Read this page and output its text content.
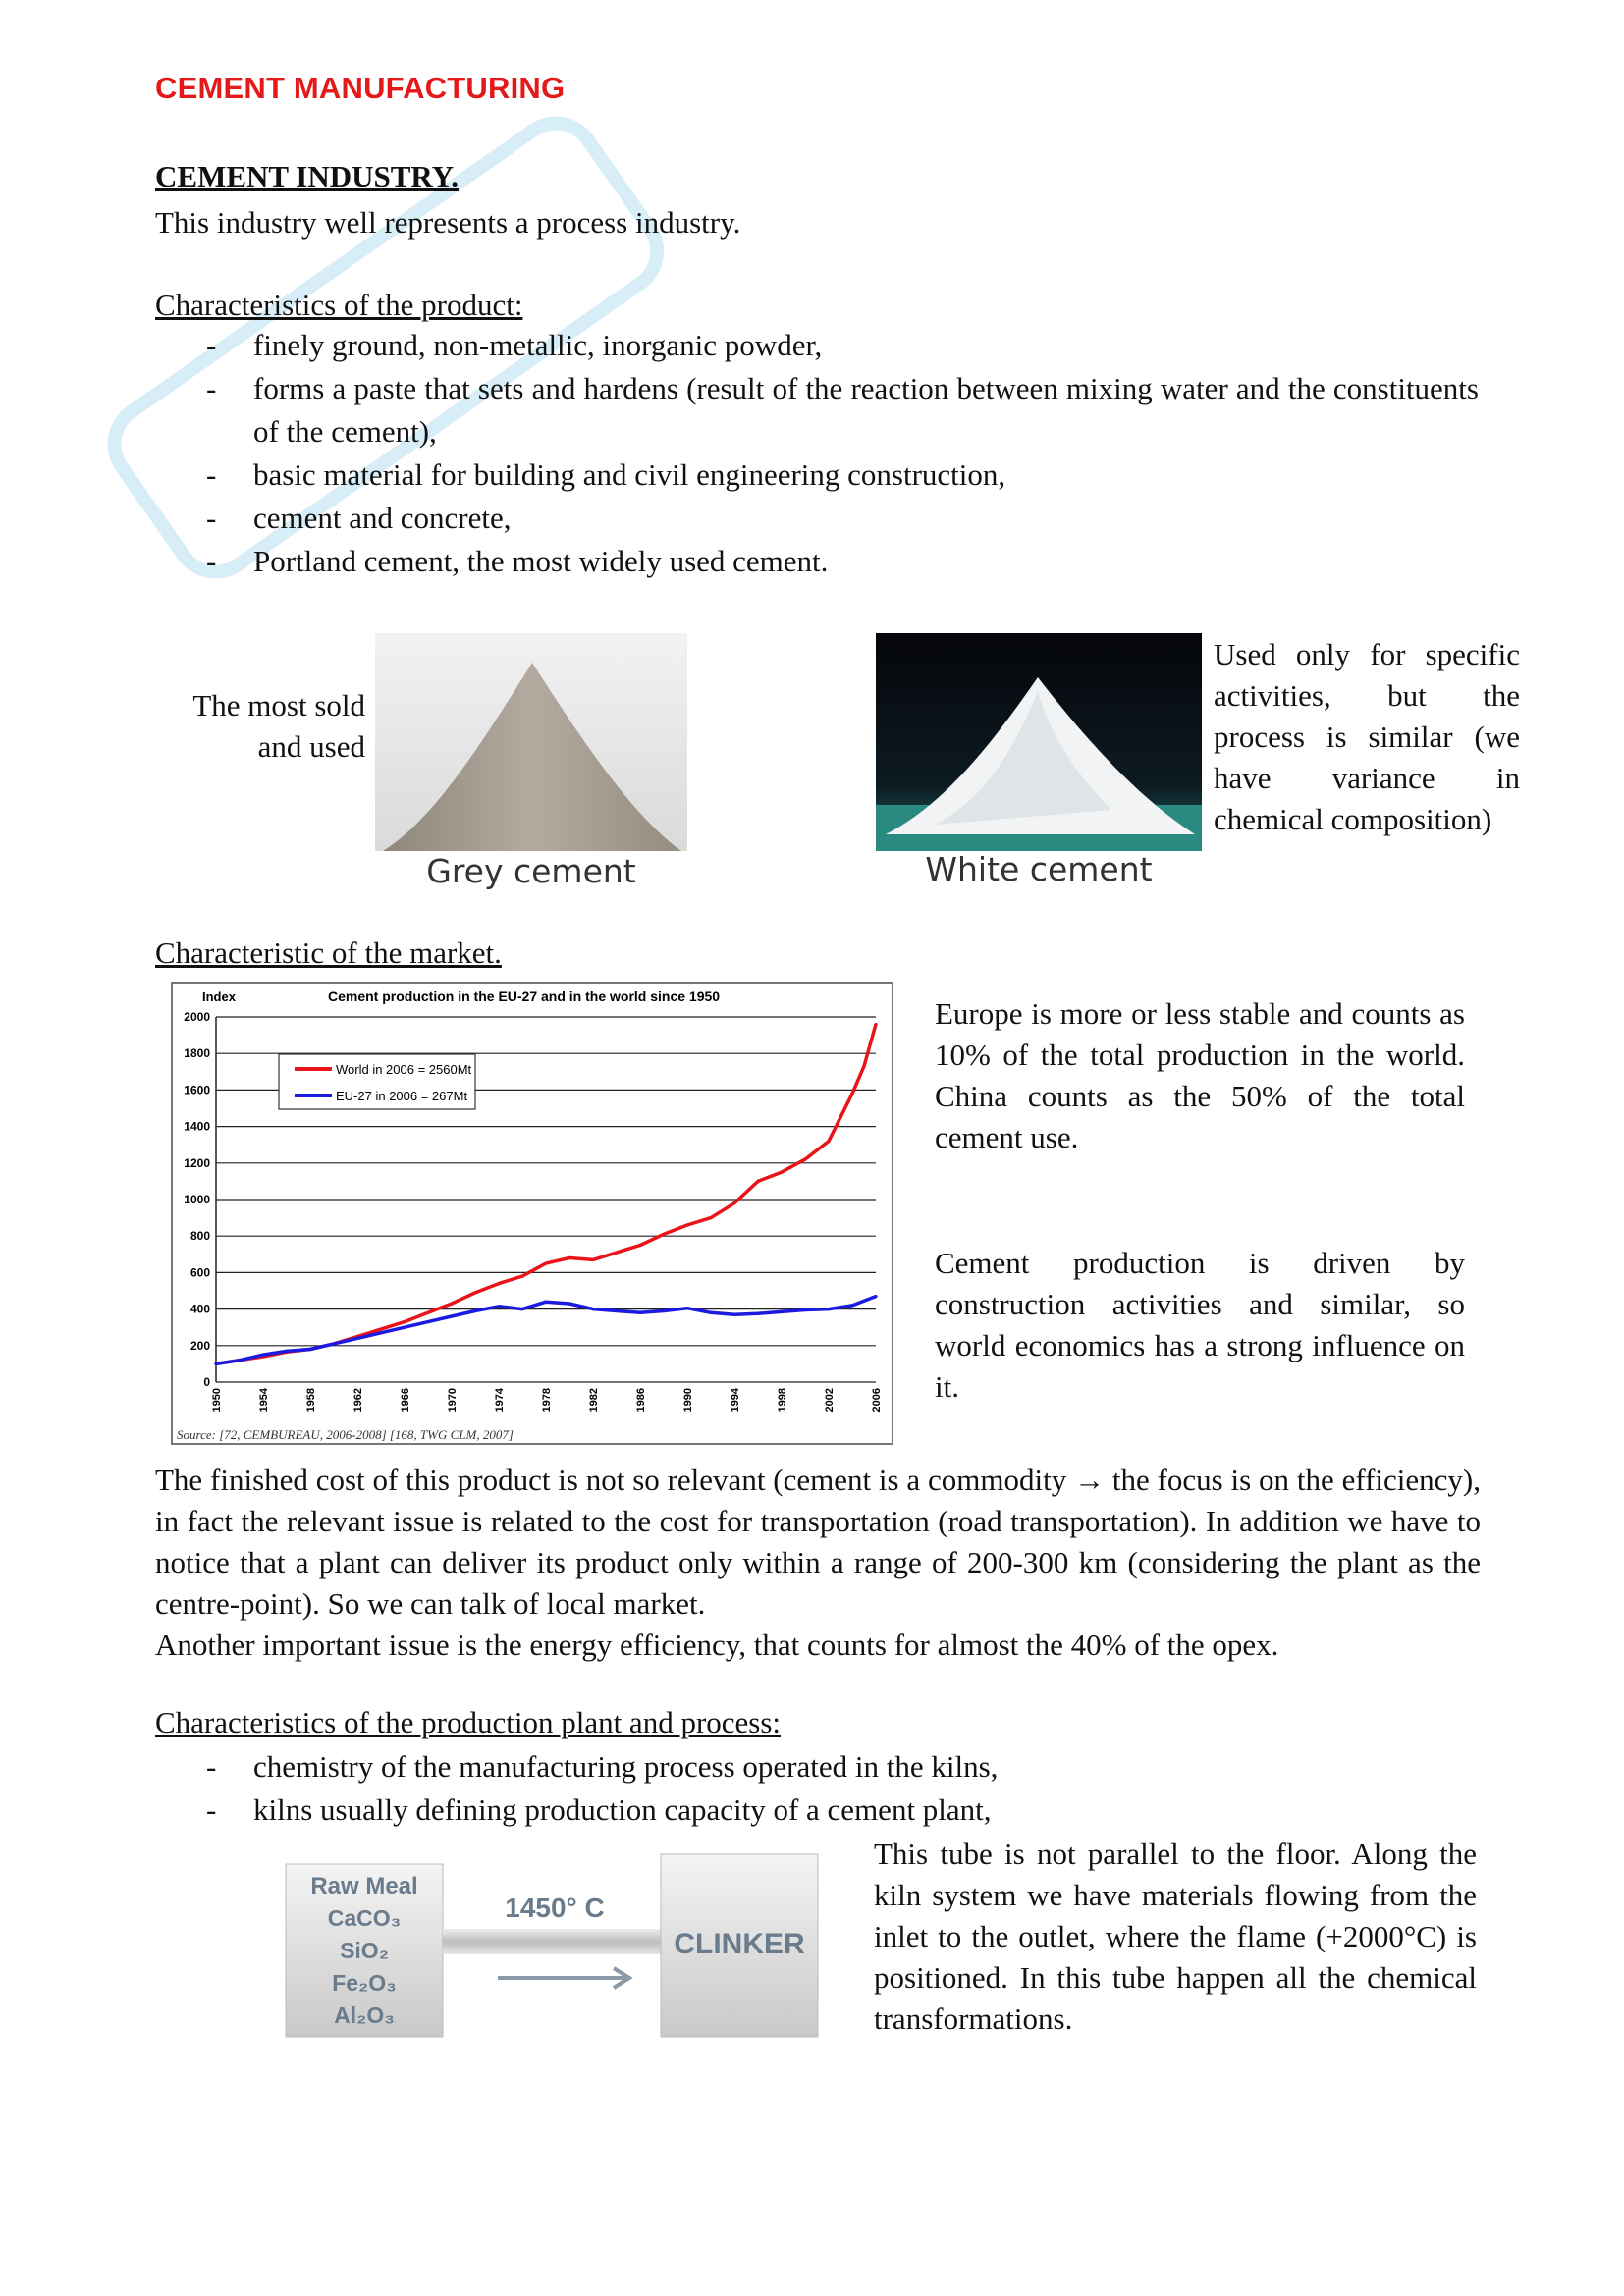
CEMENT MANUFACTURING
CEMENT INDUSTRY.
This industry well represents a process industry.
Characteristics of the product:
- finely ground, non-metallic, inorganic powder,
- forms a paste that sets and hardens (result of the reaction between mixing water and the constituents of the cement),
- basic material for building and civil engineering construction,
- cement and concrete,
- Portland cement, the most widely used cement.
The most sold and used
Grey cement	White cement
Used only for specific activities, but the process is similar (we have variance in chemical composition)
Characteristic of the market.
Index	Cement production in the EU-27 and in the world since 1950
0
200
400
600
800
1000
1200
1400
1600
1800
2000
1950	1954	1958	1962	1966	1970	1974	1978	1982	1986	1990	1994	1998	2002	2006
World in 2006 = 2560Mt
EU-27 in 2006 = 267Mt
Source: [72, CEMBUREAU, 2006-2008] [168, TWG CLM, 2007]
Europe is more or less stable and counts as 10% of the total production in the world. China counts as the 50% of the total cement use.
Cement production is driven by construction activities and similar, so world economics has a strong influence on it.
The finished cost of this product is not so relevant (cement is a commodity → the focus is on the efficiency), in fact the relevant issue is related to the cost for transportation (road transportation). In addition we have to notice that a plant can deliver its product only within a range of 200-300 km (considering the plant as the centre-point). So we can talk of local market.
Another important issue is the energy efficiency, that counts for almost the 40% of the opex.
Characteristics of the production plant and process:
- chemistry of the manufacturing process operated in the kilns,
- kilns usually defining production capacity of a cement plant,
Raw Meal
CaCO₃
SiO₂
Fe₂O₃
Al₂O₃
1450° C
CLINKER
This tube is not parallel to the floor. Along the kiln system we have materials flowing from the inlet to the outlet, where the flame (+2000°C) is positioned. In this tube happen all the chemical transformations.
